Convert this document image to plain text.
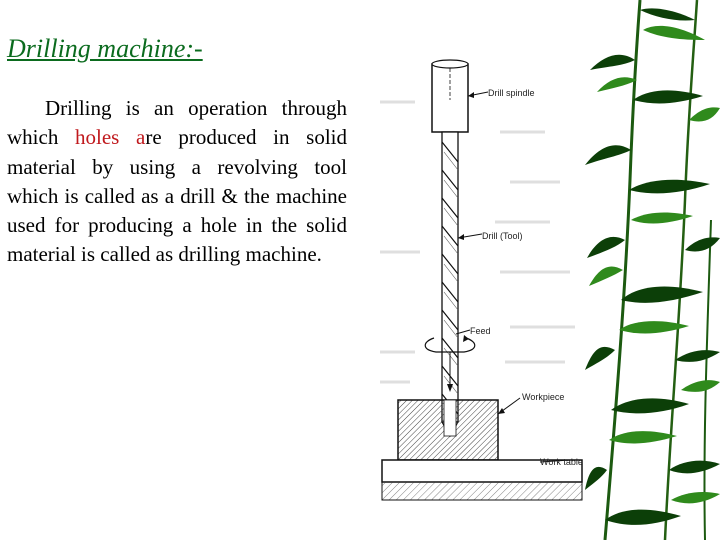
Drilling machine:-

Drilling is an operation through which holes are produced in solid material by using a revolving tool which is called as a drill & the machine used for producing a hole in the solid material is called as drilling machine.

Drill spindle
Drill (Tool)
Feed
Workpiece
Work table
